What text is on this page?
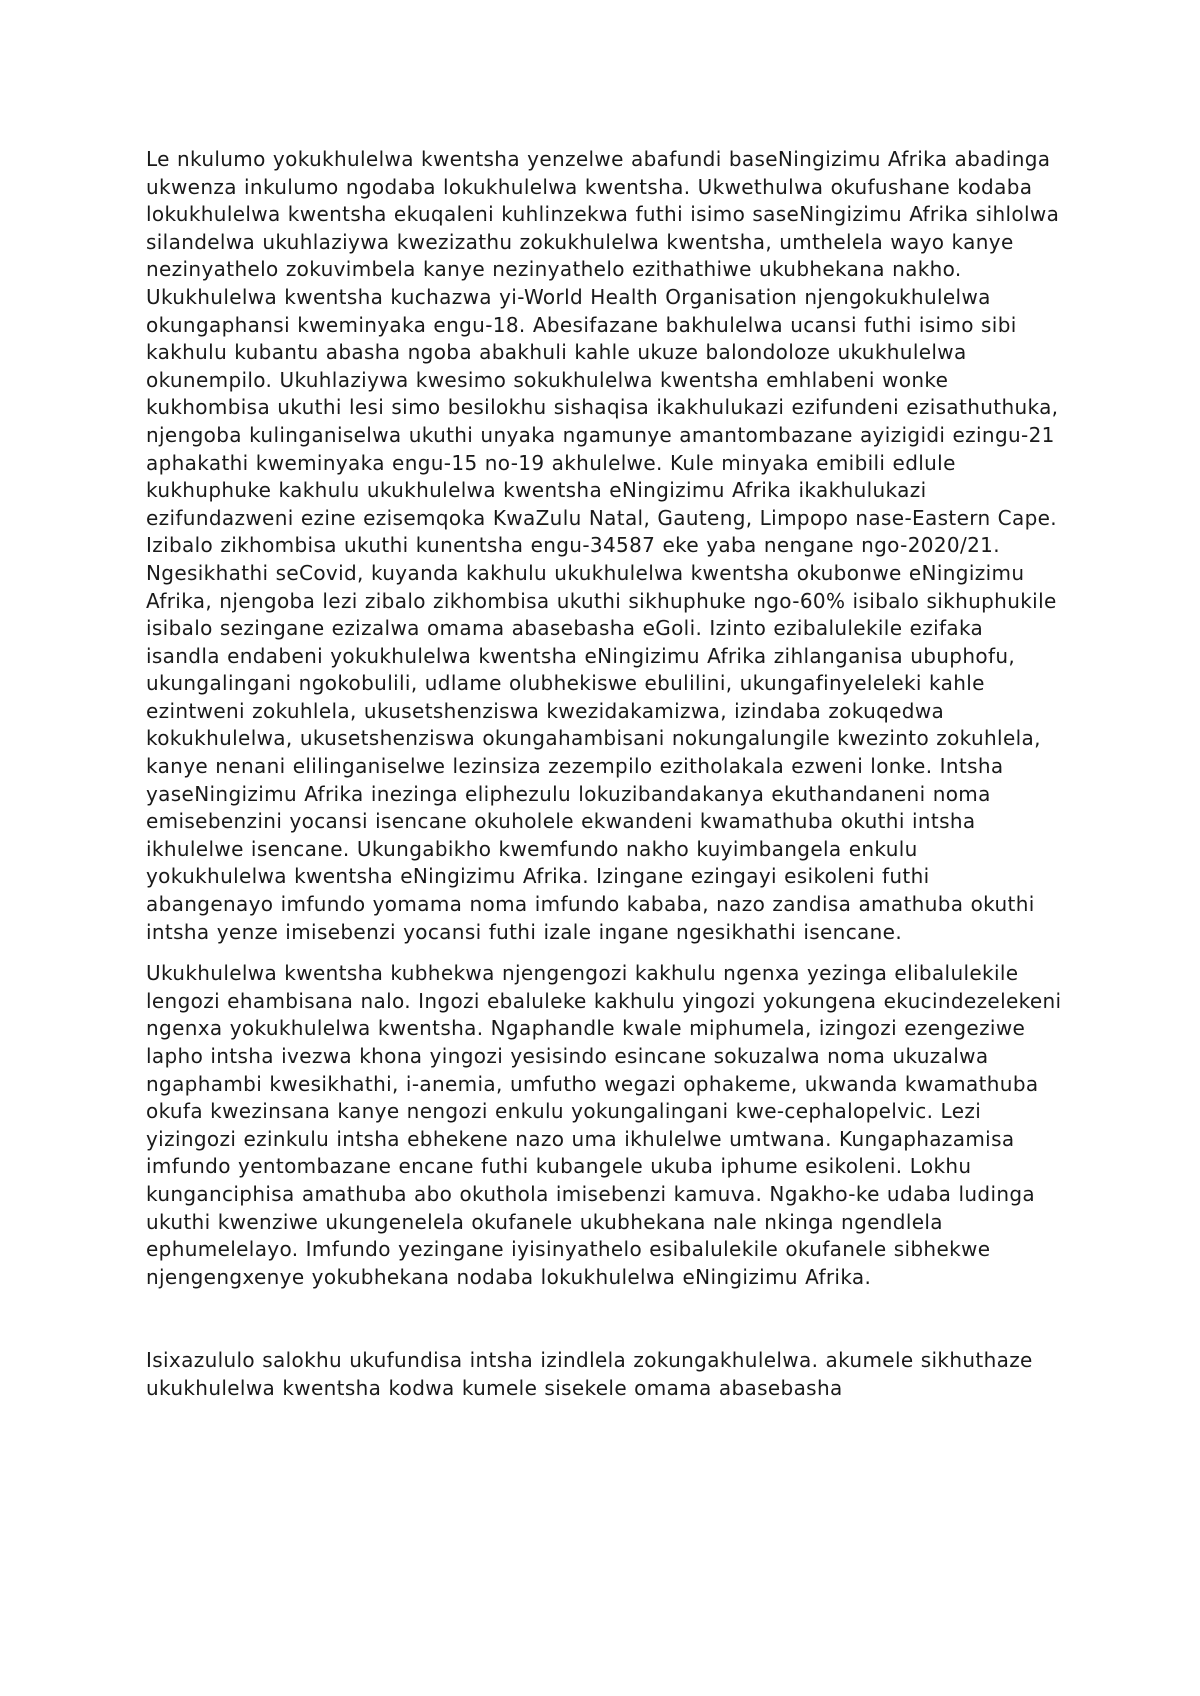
Le nkulumo yokukhulelwa kwentsha yenzelwe abafundi baseNingizimu Afrika abadinga ukwenza inkulumo ngodaba lokukhulelwa kwentsha. Ukwethulwa okufushane kodaba lokukhulelwa kwentsha ekuqaleni kuhlinzekwa futhi isimo saseNingizimu Afrika sihlolwa silandelwa ukuhlaziywa kwezizathu zokukhulelwa kwentsha, umthelela wayo kanye nezinyathelo zokuvimbela kanye nezinyathelo ezithathiwe ukubhekana nakho. Ukukhulelwa kwentsha kuchazwa yi-World Health Organisation njengokukhulelwa okungaphansi kweminyaka engu-18. Abesifazane bakhulelwa ucansi futhi isimo sibi kakhulu kubantu abasha ngoba abakhuli kahle ukuze balondoloze ukukhulelwa okunempilo. Ukuhlaziywa kwesimo sokukhulelwa kwentsha emhlabeni wonke kukhombisa ukuthi lesi simo besilokhu sishaqisa ikakhulukazi ezifundeni ezisathuthuka, njengoba kulinganiselwa ukuthi unyaka ngamunye amantombazane ayizigidi ezingu-21 aphakathi kweminyaka engu-15 no-19 akhulelwe. Kule minyaka emibili edlule kukhuphuke kakhulu ukukhulelwa kwentsha eNingizimu Afrika ikakhulukazi ezifundazweni ezine ezisemqoka KwaZulu Natal, Gauteng, Limpopo nase-Eastern Cape. Izibalo zikhombisa ukuthi kunentsha engu-34587 eke yaba nengane ngo-2020/21. Ngesikhathi seCovid, kuyanda kakhulu ukukhulelwa kwentsha okubonwe eNingizimu Afrika, njengoba lezi zibalo zikhombisa ukuthi sikhuphuke ngo-60% isibalo sikhuphukile isibalo sezingane ezizalwa omama abasebasha eGoli. Izinto ezibalulekile ezifaka isandla endabeni yokukhulelwa kwentsha eNingizimu Afrika zihlanganisa ubuphofu, ukungalingani ngokobulili, udlame olubhekiswe ebulilini, ukungafinyeleleki kahle ezintweni zokuhlela, ukusetshenziswa kwezidakamizwa, izindaba zokuqedwa kokukhulelwa, ukusetshenziswa okungahambisani nokungalungile kwezinto zokuhlela, kanye nenani elilinganiselwe lezinsiza zezempilo ezitholakala ezweni lonke. Intsha yaseNingizimu Afrika inezinga eliphezulu lokuzibandakanya ekuthandaneni noma emisebenzini yocansi isencane okuholele ekwandeni kwamathuba okuthi intsha ikhulelwe isencane. Ukungabikho kwemfundo nakho kuyimbangela enkulu yokukhulelwa kwentsha eNingizimu Afrika. Izingane ezingayi esikoleni futhi abangenayo imfundo yomama noma imfundo kababa, nazo zandisa amathuba okuthi intsha yenze imisebenzi yocansi futhi izale ingane ngesikhathi isencane.

Ukukhulelwa kwentsha kubhekwa njengengozi kakhulu ngenxa yezinga elibalulekile lengozi ehambisana nalo. Ingozi ebaluleke kakhulu yingozi yokungena ekucindezelekeni ngenxa yokukhulelwa kwentsha. Ngaphandle kwale miphumela, izingozi ezengeziwe lapho intsha ivezwa khona yingozi yesisindo esincane sokuzalwa noma ukuzalwa ngaphambi kwesikhathi, i-anemia, umfutho wegazi ophakeme, ukwanda kwamathuba okufa kwezinsana kanye nengozi enkulu yokungalingani kwe-cephalopelvic. Lezi yizingozi ezinkulu intsha ebhekene nazo uma ikhulelwe umtwana. Kungaphazamisa imfundo yentombazane encane futhi kubangele ukuba iphume esikoleni. Lokhu kunganciphisa amathuba abo okuthola imisebenzi kamuva. Ngakho-ke udaba ludinga ukuthi kwenziwe ukungenelela okufanele ukubhekana nale nkinga ngendlela ephumelelayo. Imfundo yezingane iyisinyathelo esibalulekile okufanele sibhekwe njengengxenye yokubhekana nodaba lokukhulelwa eNingizimu Afrika.

Isixazululo salokhu ukufundisa intsha izindlela zokungakhulelwa. akumele sikhuthaze ukukhulelwa kwentsha kodwa kumele sisekele omama abasebasha
